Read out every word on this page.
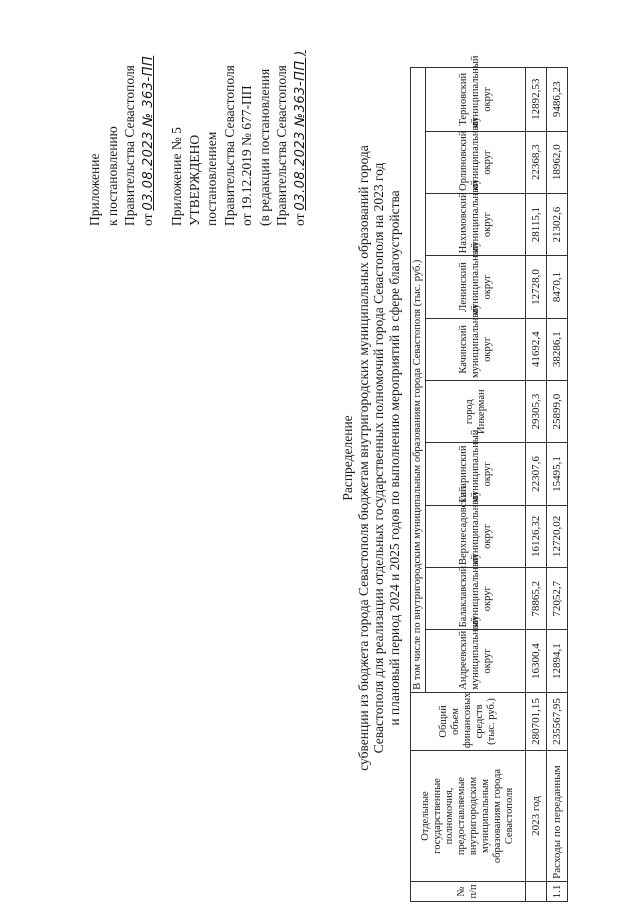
Приложение к постановлению Правительства Севастополя от03.08.2023 № 363-ПП Приложение № 5 УТВЕРЖДЕНО постановлением Правительства Севастополя от 19.12.2019 № 677-ПП (в редакции постановления Правительства Севастополя от03.08.2023 №363-ПП )
Распределение субвенции из бюджета города Севастополя бюджетам внутригородских муниципальных образований города Севастополя для реализации отдельных государственных полномочий города Севастополя на 2023 год и плановый период 2024 и 2025 годов по выполнению мероприятий в сфере благоустройства
№ п/п	Отдельные государственные полномочия, предоставляемые внутригородским муниципальным образованиям города Севастополя	Общий объем финансовых средств (тыс. руб.)	В том числе по внутригородским муниципальным образованиям города Севастополя (тыс. руб.)									
			Андреевский муниципальный округ	Балаклавский муниципальный округ	Верхнесадовский муниципальный округ	Гагаринский муниципальный округ	город Инкерман	Качинский муниципальный округ	Ленинский муниципальный округ	Нахимовский муниципальный округ	Орлиновский муниципальный округ	Терновский муниципальный округ
	2023 год	280701,15	16300,4	78865,2	16126,32	22307,6	29305,3	41692,4	12728,0	28115,1	22368,3	12892,53
1.1	Расходы по переданным	235567,95	12894,1	72052,7	12720,02	15495,1	25899,0	38286,1	8470,1	21302,6	18962,0	9486,23
